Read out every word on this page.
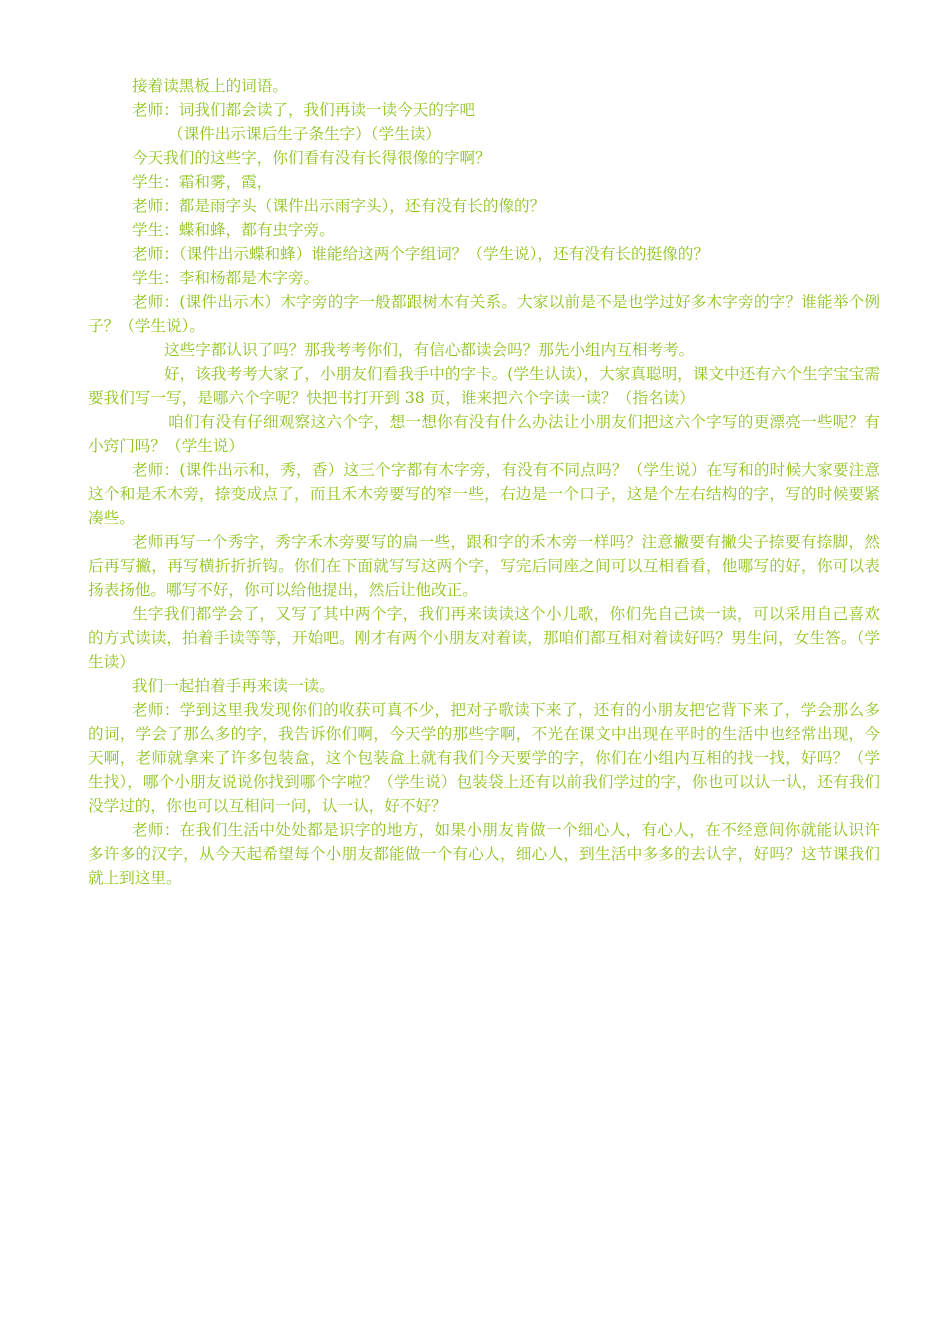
接着读黑板上的词语。

老师：词我们都会读了，我们再读一读今天的字吧

（课件出示课后生子条生字）（学生读）

今天我们的这些字，你们看有没有长得很像的字啊？

学生：霜和雾，霞，

老师：都是雨字头（课件出示雨字头），还有没有长的像的？

学生：蝶和蜂，都有虫字旁。

老师：（课件出示蝶和蜂）谁能给这两个字组词？（学生说），还有没有长的挺像的？

学生：李和杨都是木字旁。

老师：(课件出示木）木字旁的字一般都跟树木有关系。大家以前是不是也学过好多木字旁的字？谁能举个例子？（学生说）。

这些字都认识了吗？那我考考你们，有信心都读会吗？那先小组内互相考考。

好，该我考考大家了，小朋友们看我手中的字卡。(学生认读），大家真聪明，课文中还有六个生字宝宝需要我们写一写，是哪六个字呢？快把书打开到 38 页，谁来把六个字读一读？（指名读）

咱们有没有仔细观察这六个字，想一想你有没有什么办法让小朋友们把这六个字写的更漂亮一些呢？有小窍门吗？（学生说）

老师：(课件出示和，秀，香）这三个字都有木字旁，有没有不同点吗？（学生说）在写和的时候大家要注意这个和是禾木旁，捺变成点了，而且禾木旁要写的窄一些，右边是一个口子，这是个左右结构的字，写的时候要紧凑些。

老师再写一个秀字，秀字禾木旁要写的扁一些，跟和字的禾木旁一样吗？注意撇要有撇尖子捺要有捺脚，然后再写撇，再写横折折折钩。你们在下面就写写这两个字，写完后同座之间可以互相看看，他哪写的好，你可以表扬表扬他。哪写不好，你可以给他提出，然后让他改正。

生字我们都学会了，又写了其中两个字，我们再来读读这个小儿歌，你们先自己读一读，可以采用自己喜欢的方式读读，拍着手读等等，开始吧。刚才有两个小朋友对着读，那咱们都互相对着读好吗？男生问，女生答。（学生读）

我们一起拍着手再来读一读。

老师：学到这里我发现你们的收获可真不少，把对子歌读下来了，还有的小朋友把它背下来了，学会那么多的词，学会了那么多的字，我告诉你们啊，今天学的那些字啊，不光在课文中出现在平时的生活中也经常出现，今天啊，老师就拿来了许多包装盒，这个包装盒上就有我们今天要学的字，你们在小组内互相的找一找，好吗？（学生找），哪个小朋友说说你找到哪个字啦？（学生说）包装袋上还有以前我们学过的字，你也可以认一认，还有我们没学过的，你也可以互相问一问，认一认，好不好？

老师：在我们生活中处处都是识字的地方，如果小朋友肯做一个细心人，有心人，在不经意间你就能认识许多许多的汉字，从今天起希望每个小朋友都能做一个有心人，细心人，到生活中多多的去认字，好吗？这节课我们就上到这里。
